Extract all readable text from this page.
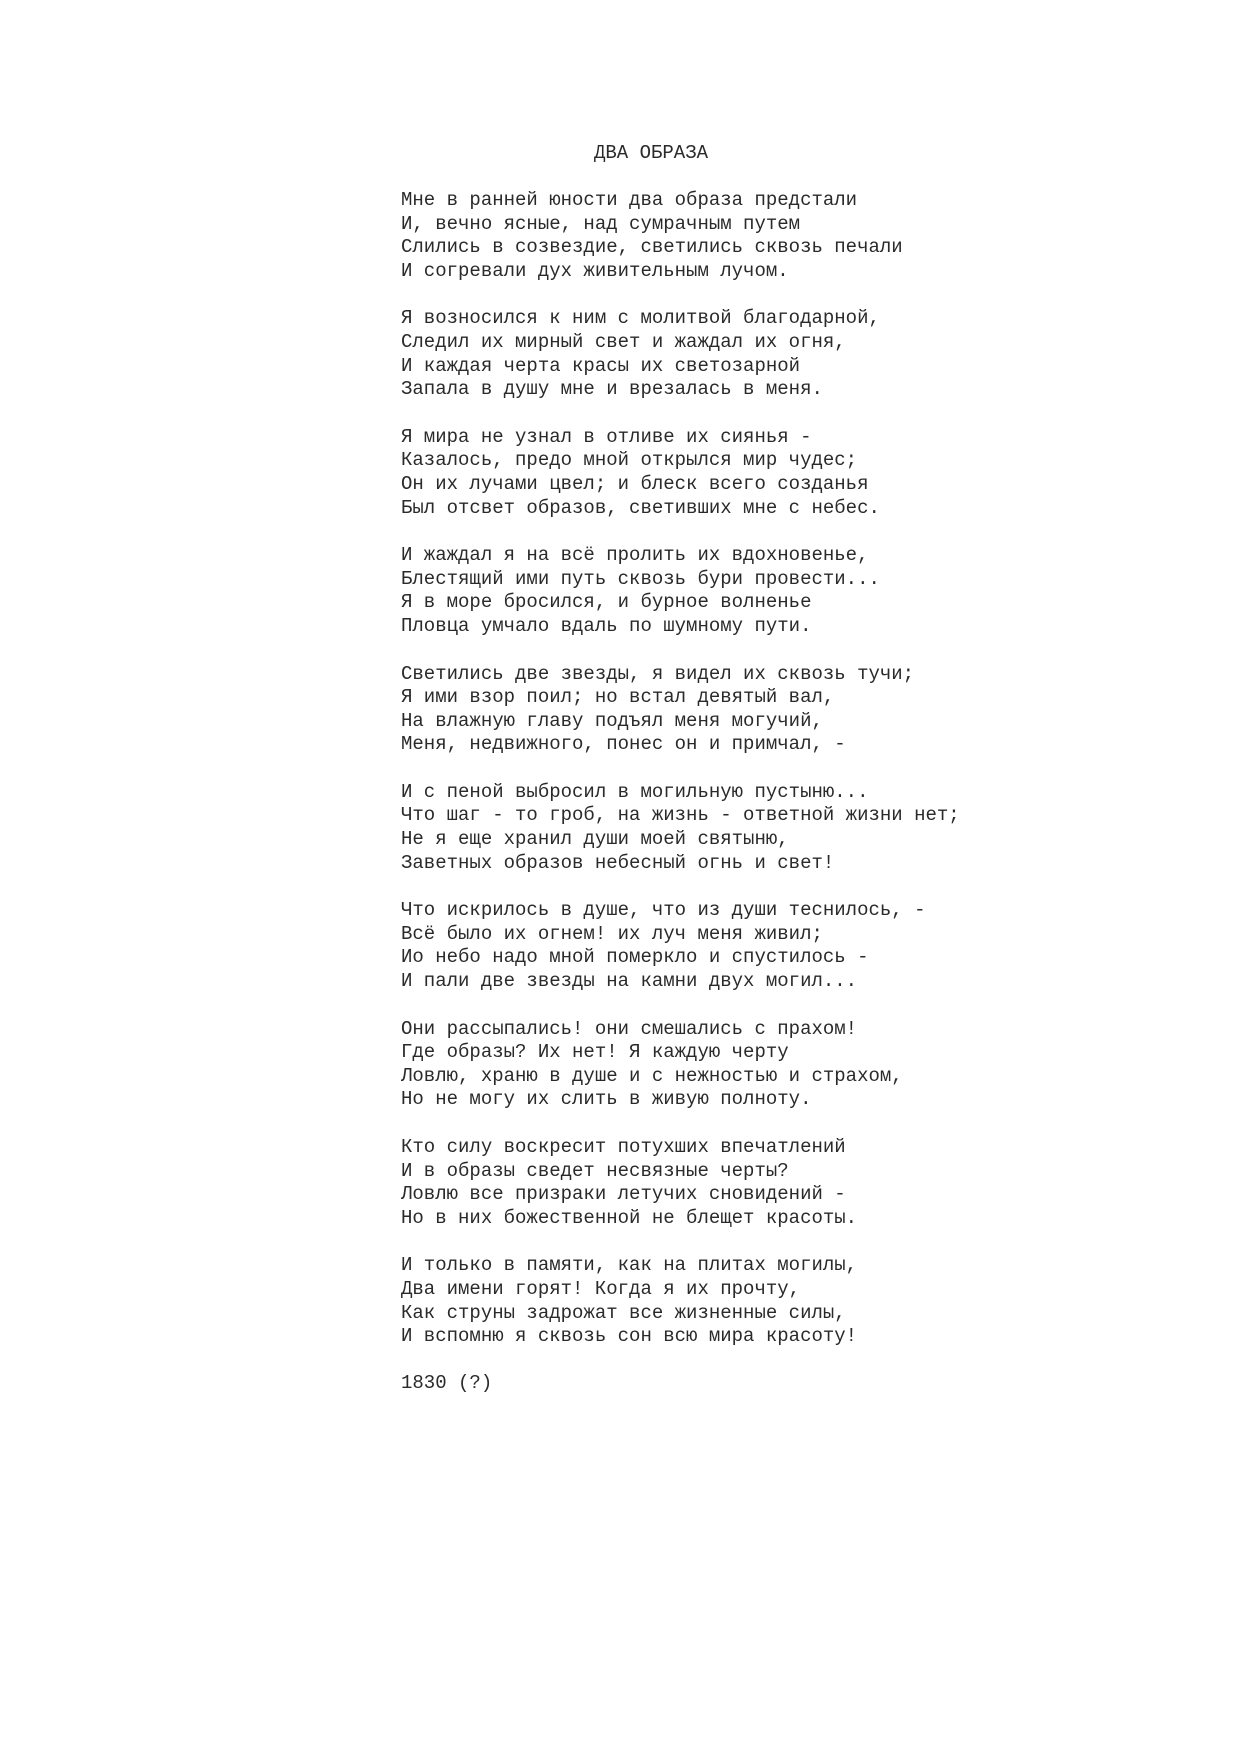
ДВА ОБРАЗА
Мне в ранней юности два образа предстали
И, вечно ясные, над сумрачным путем
Слились в созвездие, светились сквозь печали
И согревали дух живительным лучом.
Я возносился к ним с молитвой благодарной,
Следил их мирный свет и жаждал их огня,
И каждая черта красы их светозарной
Запала в душу мне и врезалась в меня.
Я мира не узнал в отливе их сиянья -
Казалось, предо мной открылся мир чудес;
Он их лучами цвел; и блеск всего созданья
Был отсвет образов, светивших мне с небес.
И жаждал я на всё пролить их вдохновенье,
Блестящий ими путь сквозь бури провести...
Я в море бросился, и бурное волненье
Пловца умчало вдаль по шумному пути.
Светились две звезды, я видел их сквозь тучи;
Я ими взор поил; но встал девятый вал,
На влажную главу подъял меня могучий,
Меня, недвижного, понес он и примчал, -
И с пеной выбросил в могильную пустыню...
Что шаг - то гроб, на жизнь - ответной жизни нет;
Не я еще хранил души моей святыню,
Заветных образов небесный огнь и свет!
Что искрилось в душе, что из души теснилось, -
Всё было их огнем! их луч меня живил;
Ио небо надо мной померкло и спустилось -
И пали две звезды на камни двух могил...
Они рассыпались! они смешались с прахом!
Где образы? Их нет! Я каждую черту
Ловлю, храню в душе и с нежностью и страхом,
Но не могу их слить в живую полноту.
Кто силу воскресит потухших впечатлений
И в образы сведет несвязные черты?
Ловлю все призраки летучих сновидений -
Но в них божественной не блещет красоты.
И только в памяти, как на плитах могилы,
Два имени горят! Когда я их прочту,
Как струны задрожат все жизненные силы,
И вспомню я сквозь сон всю мира красоту!
1830 (?)
